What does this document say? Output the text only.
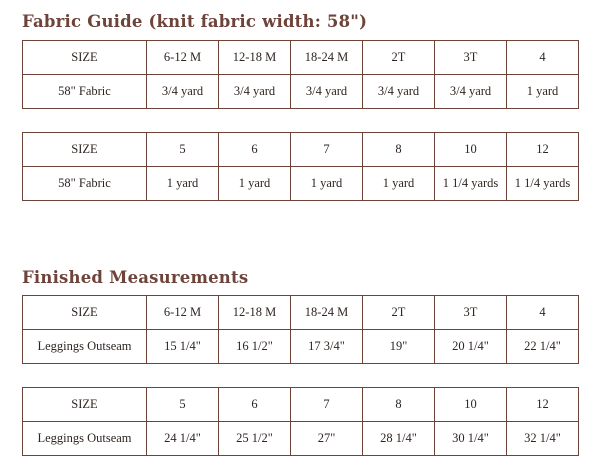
Fabric Guide (knit fabric width: 58")
SIZE	6-12 M	12-18 M	18-24 M	2T	3T	4
58" Fabric	3/4 yard	3/4 yard	3/4 yard	3/4 yard	3/4 yard	1 yard
SIZE	5	6	7	8	10	12
58" Fabric	1 yard	1 yard	1 yard	1 yard	1 1/4 yards	1 1/4 yards
Finished Measurements
SIZE	6-12 M	12-18 M	18-24 M	2T	3T	4
Leggings Outseam	15 1/4"	16 1/2"	17 3/4"	19"	20 1/4"	22 1/4"
SIZE	5	6	7	8	10	12
Leggings Outseam	24 1/4"	25 1/2"	27"	28 1/4"	30 1/4"	32 1/4"
